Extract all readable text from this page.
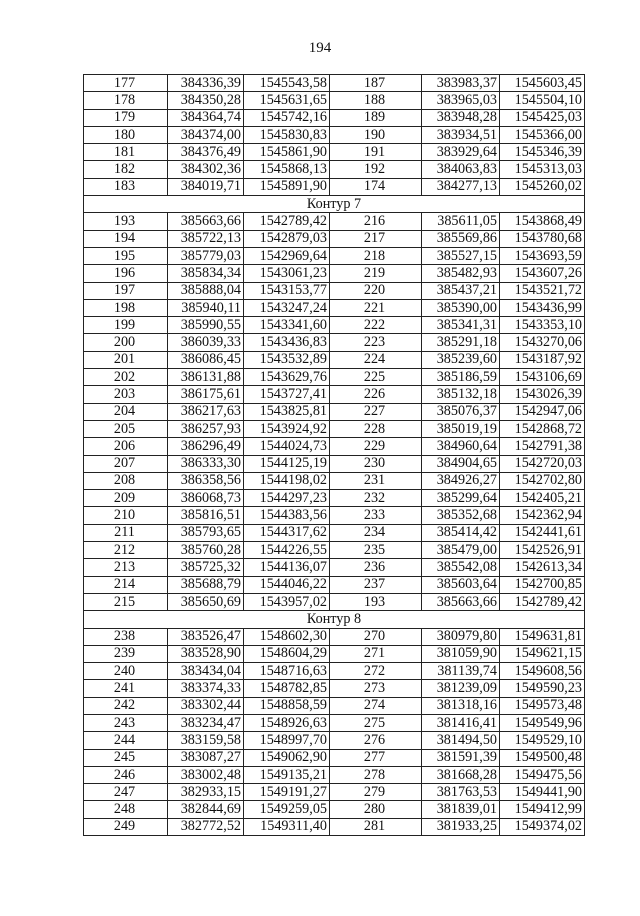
194
177	384336,39	1545543,58	187	383983,37	1545603,45
178	384350,28	1545631,65	188	383965,03	1545504,10
179	384364,74	1545742,16	189	383948,28	1545425,03
180	384374,00	1545830,83	190	383934,51	1545366,00
181	384376,49	1545861,90	191	383929,64	1545346,39
182	384302,36	1545868,13	192	384063,83	1545313,03
183	384019,71	1545891,90	174	384277,13	1545260,02
Контур 7					
193	385663,66	1542789,42	216	385611,05	1543868,49
194	385722,13	1542879,03	217	385569,86	1543780,68
195	385779,03	1542969,64	218	385527,15	1543693,59
196	385834,34	1543061,23	219	385482,93	1543607,26
197	385888,04	1543153,77	220	385437,21	1543521,72
198	385940,11	1543247,24	221	385390,00	1543436,99
199	385990,55	1543341,60	222	385341,31	1543353,10
200	386039,33	1543436,83	223	385291,18	1543270,06
201	386086,45	1543532,89	224	385239,60	1543187,92
202	386131,88	1543629,76	225	385186,59	1543106,69
203	386175,61	1543727,41	226	385132,18	1543026,39
204	386217,63	1543825,81	227	385076,37	1542947,06
205	386257,93	1543924,92	228	385019,19	1542868,72
206	386296,49	1544024,73	229	384960,64	1542791,38
207	386333,30	1544125,19	230	384904,65	1542720,03
208	386358,56	1544198,02	231	384926,27	1542702,80
209	386068,73	1544297,23	232	385299,64	1542405,21
210	385816,51	1544383,56	233	385352,68	1542362,94
211	385793,65	1544317,62	234	385414,42	1542441,61
212	385760,28	1544226,55	235	385479,00	1542526,91
213	385725,32	1544136,07	236	385542,08	1542613,34
214	385688,79	1544046,22	237	385603,64	1542700,85
215	385650,69	1543957,02	193	385663,66	1542789,42
Контур 8					
238	383526,47	1548602,30	270	380979,80	1549631,81
239	383528,90	1548604,29	271	381059,90	1549621,15
240	383434,04	1548716,63	272	381139,74	1549608,56
241	383374,33	1548782,85	273	381239,09	1549590,23
242	383302,44	1548858,59	274	381318,16	1549573,48
243	383234,47	1548926,63	275	381416,41	1549549,96
244	383159,58	1548997,70	276	381494,50	1549529,10
245	383087,27	1549062,90	277	381591,39	1549500,48
246	383002,48	1549135,21	278	381668,28	1549475,56
247	382933,15	1549191,27	279	381763,53	1549441,90
248	382844,69	1549259,05	280	381839,01	1549412,99
249	382772,52	1549311,40	281	381933,25	1549374,02
